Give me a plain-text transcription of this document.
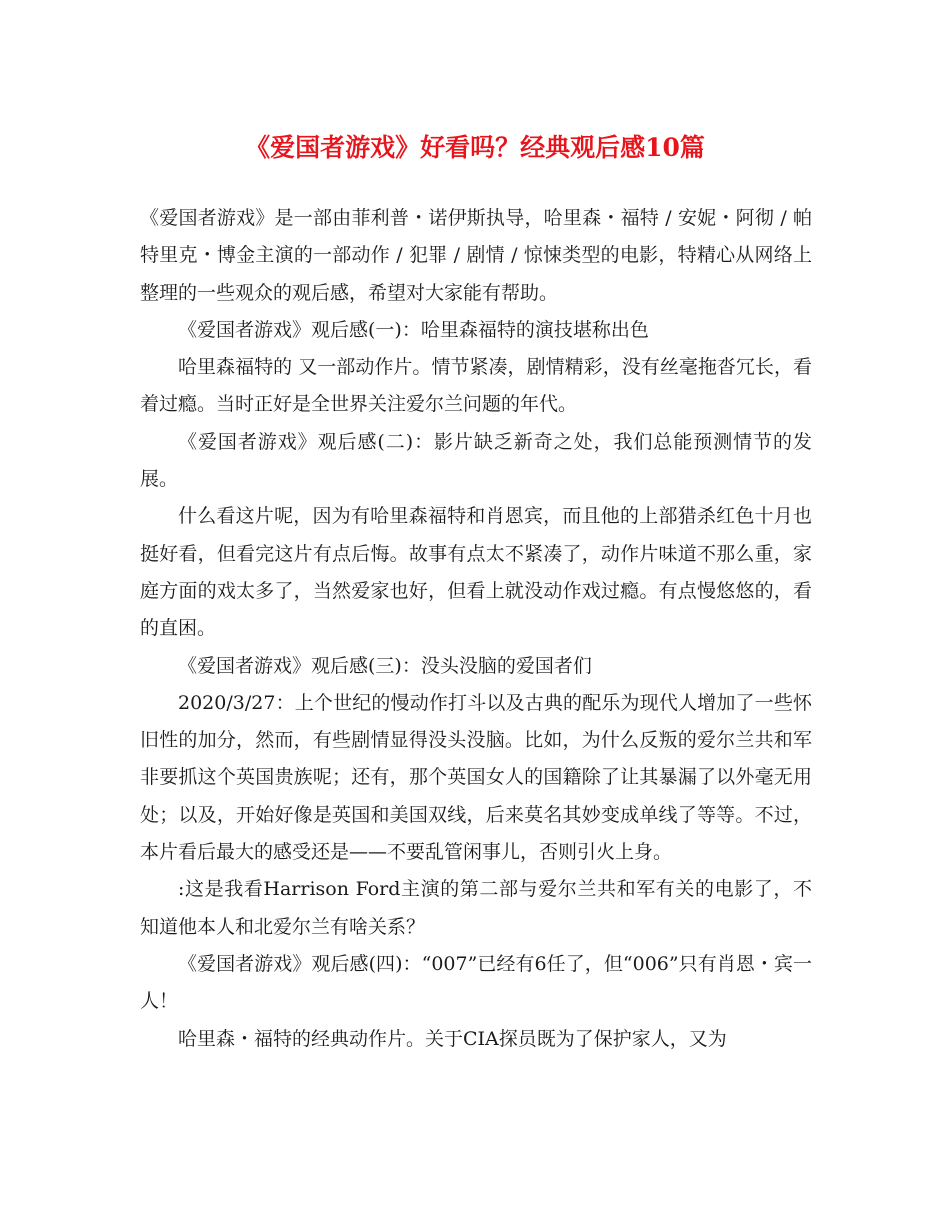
《爱国者游戏》好看吗？经典观后感10篇

《爱国者游戏》是一部由菲利普・诺伊斯执导，哈里森・福特 / 安妮・阿彻 / 帕特里克・博金主演的一部动作 / 犯罪 / 剧情 / 惊悚类型的电影，特精心从网络上整理的一些观众的观后感，希望对大家能有帮助。

《爱国者游戏》观后感(一)：哈里森福特的演技堪称出色

哈里森福特的 又一部动作片。情节紧凑，剧情精彩，没有丝毫拖沓冗长，看着过瘾。当时正好是全世界关注爱尔兰问题的年代。

《爱国者游戏》观后感(二)：影片缺乏新奇之处，我们总能预测情节的发展。

什么看这片呢，因为有哈里森福特和肖恩宾，而且他的上部猎杀红色十月也挺好看，但看完这片有点后悔。故事有点太不紧凑了，动作片味道不那么重，家庭方面的戏太多了，当然爱家也好，但看上就没动作戏过瘾。有点慢悠悠的，看的直困。

《爱国者游戏》观后感(三)：没头没脑的爱国者们

2020/3/27：上个世纪的慢动作打斗以及古典的配乐为现代人增加了一些怀旧性的加分，然而，有些剧情显得没头没脑。比如，为什么反叛的爱尔兰共和军非要抓这个英国贵族呢；还有，那个英国女人的国籍除了让其暴漏了以外毫无用处；以及，开始好像是英国和美国双线，后来莫名其妙变成单线了等等。不过，本片看后最大的感受还是——不要乱管闲事儿，否则引火上身。

:这是我看Harrison Ford主演的第二部与爱尔兰共和军有关的电影了，不知道他本人和北爱尔兰有啥关系？

《爱国者游戏》观后感(四)：“007”已经有6任了，但“006”只有肖恩・宾一人！

哈里森・福特的经典动作片。关于CIA探员既为了保护家人，又为
